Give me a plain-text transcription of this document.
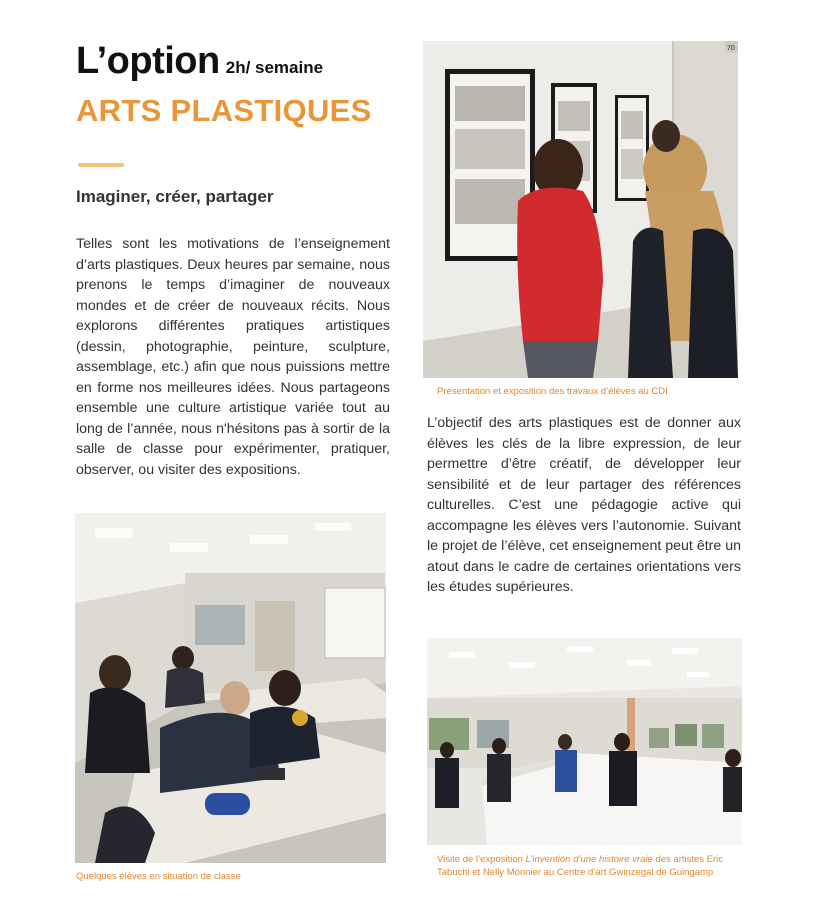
L’option 2h/ semaine
ARTS PLASTIQUES
Imaginer, créer, partager

Telles sont les motivations de l’enseignement d’arts plastiques. Deux heures par semaine, nous prenons le temps d’imaginer de nouveaux mondes et de créer de nouveaux récits. Nous explorons différentes pratiques artistiques (dessin, photographie, peinture, sculpture, assemblage, etc.) afin que nous puissions mettre en forme nos meilleures idées. Nous partageons ensemble une culture artistique variée tout au long de l’année, nous n'hésitons pas à sortir de la salle de classe pour expérimenter, pratiquer, observer, ou visiter des expositions.

L’objectif des arts plastiques est de donner aux élèves les clés de la libre expression, de leur permettre d’être créatif, de développer leur sensibilité et de leur partager des références culturelles. C’est une pédagogie active qui accompagne les élèves vers l’autonomie. Suivant le projet de l’élève, cet enseignement peut être un atout dans le cadre de certaines orientations vers les études supérieures.

70
Présentation et exposition des travaux d’élèves au CDI
Quelques élèves en situation de classe
Visite de l’exposition L’invention d’une histoire vraie des artistes Eric Tabuchi et Nelly Monnier au Centre d’art Gwinzegal de Guingamp
